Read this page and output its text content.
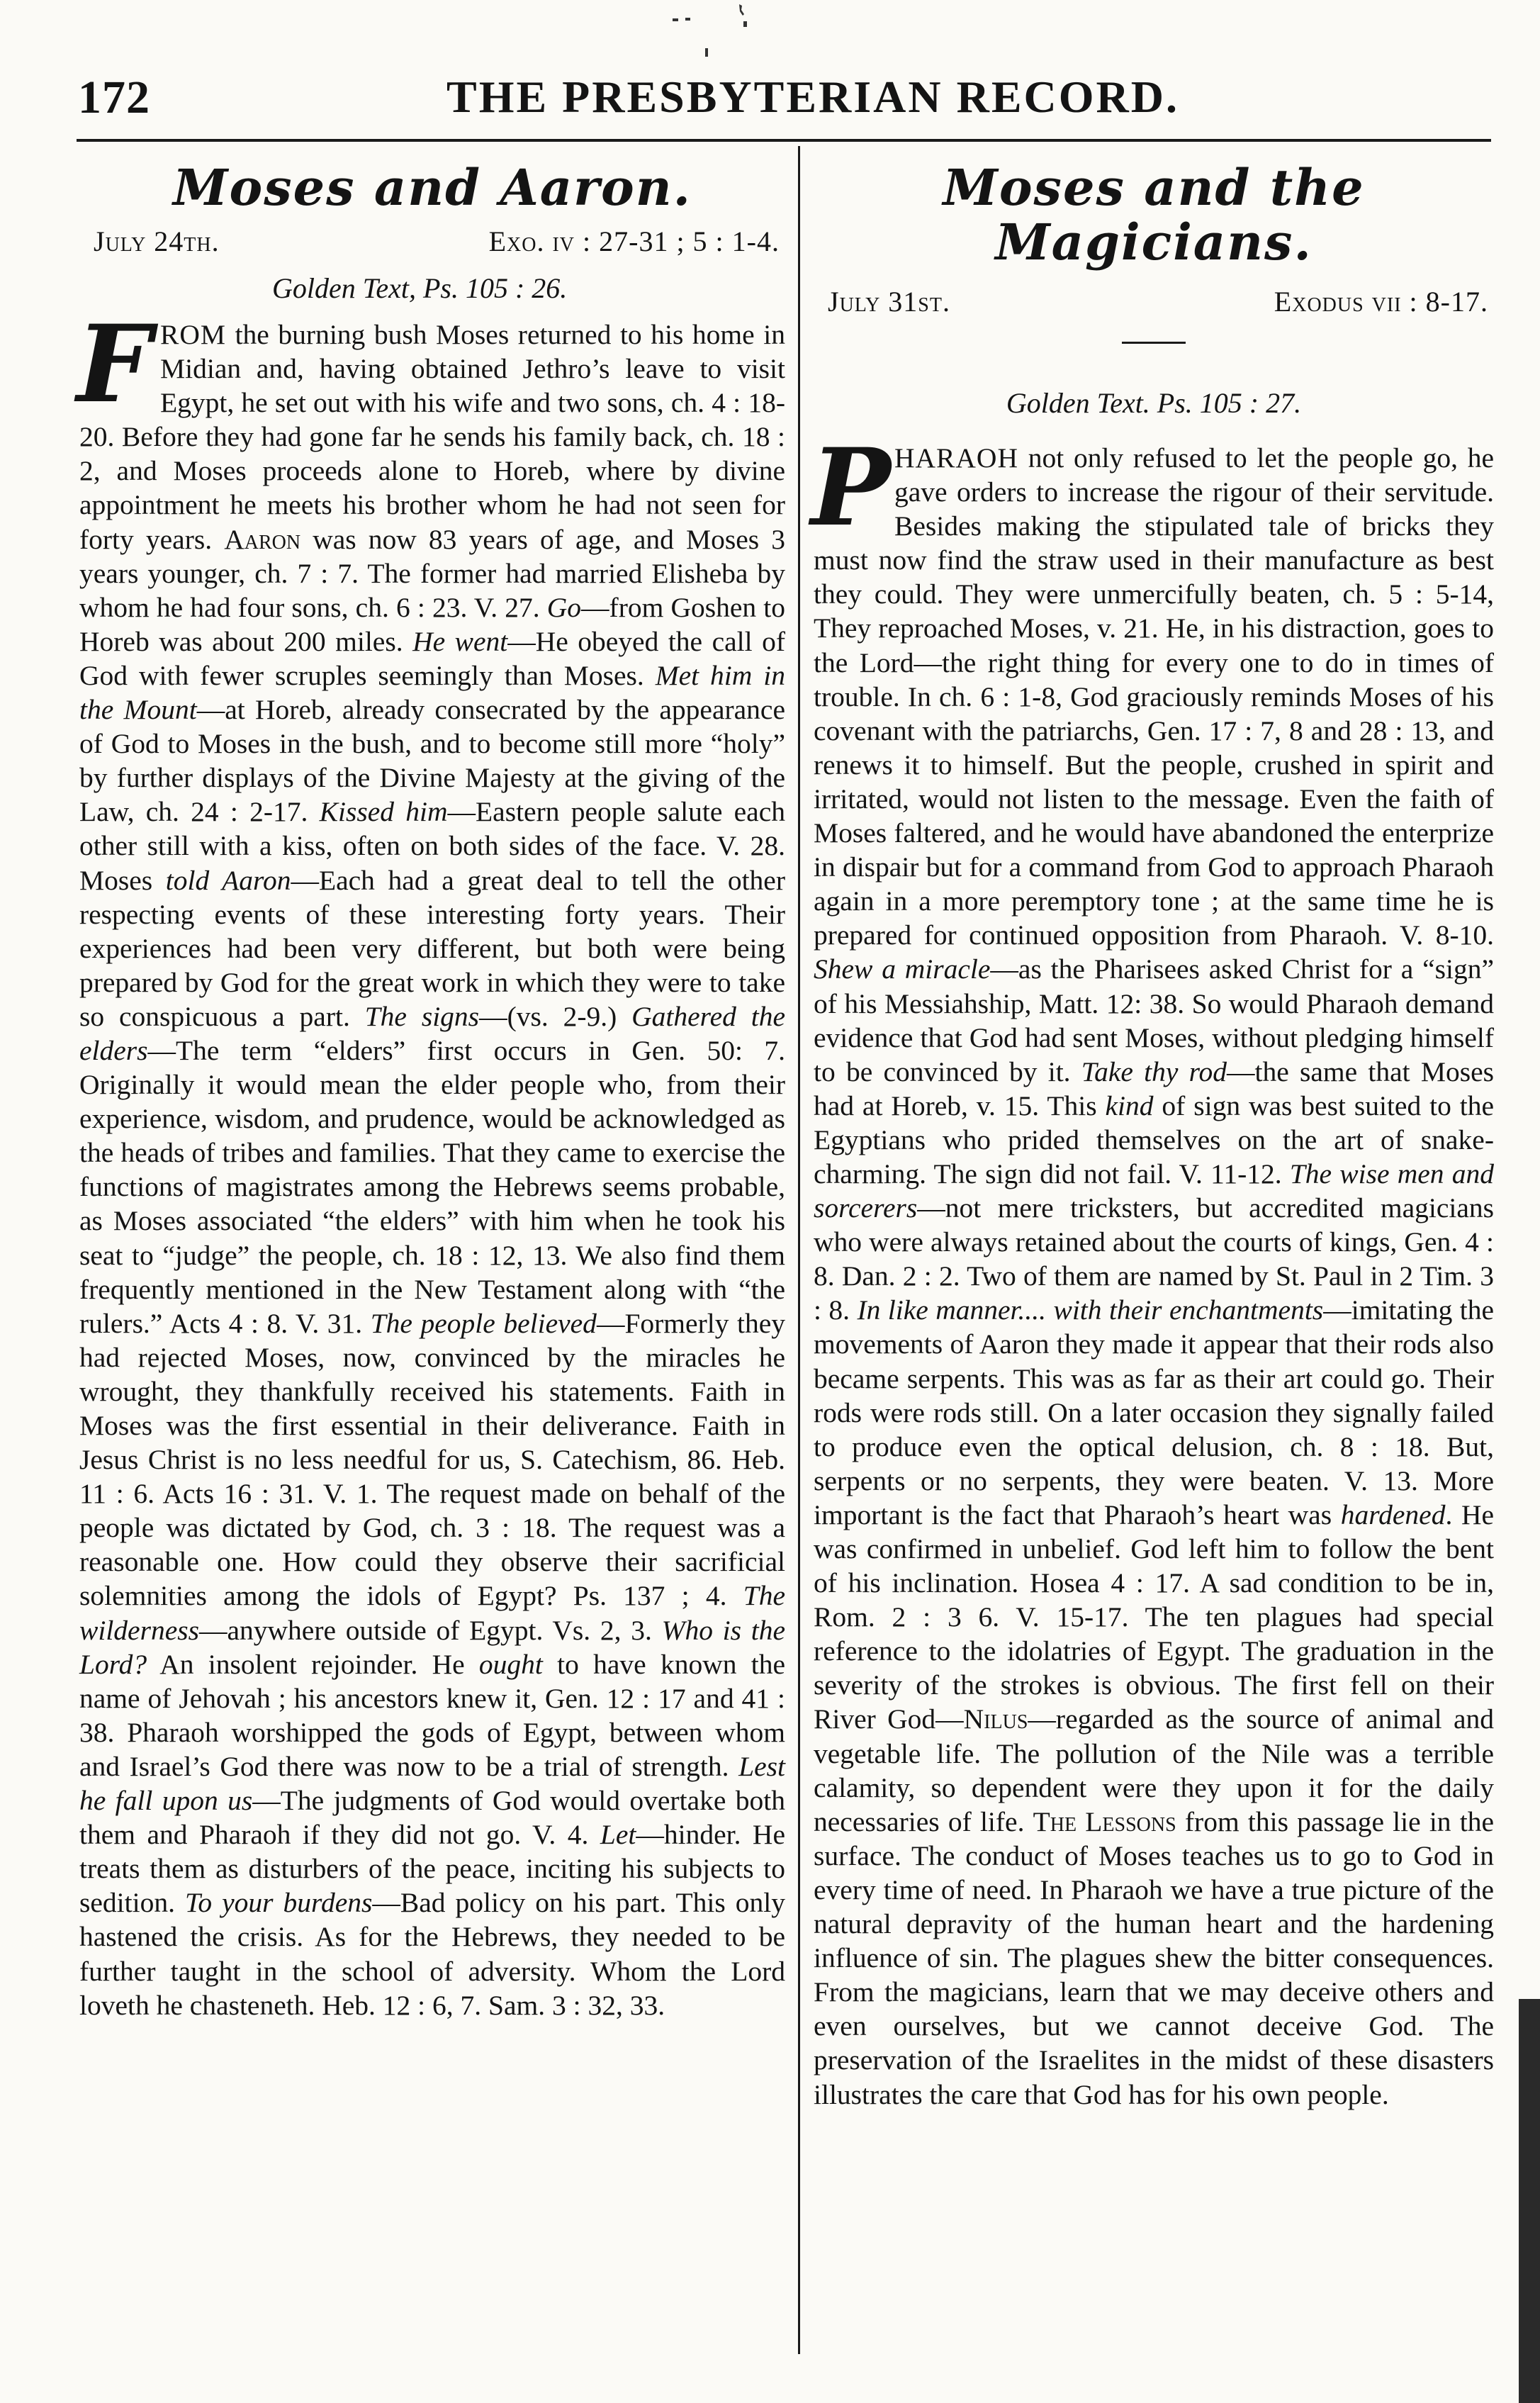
172	THE PRESBYTERIAN RECORD.
Moses and Aaron.
July 24th.	Exo. iv : 27-31 ; 5 : 1-4.
Golden Text, Ps. 105 : 26.
F ROM the burning bush Moses returned to his home in Midian and, having obtained Jethro’s leave to visit Egypt, he set out with his wife and two sons, ch. 4 : 18-20. Before they had gone far he sends his family back, ch. 18 : 2, and Moses proceeds alone to Horeb, where by divine appointment he meets his brother whom he had not seen for forty years. Aaron was now 83 years of age, and Moses 3 years younger, ch. 7 : 7. The former had married Elisheba by whom he had four sons, ch. 6 : 23. V. 27. Go—from Goshen to Horeb was about 200 miles. He went—He obeyed the call of God with fewer scruples seemingly than Moses. Met him in the Mount—at Horeb, already consecrated by the appearance of God to Moses in the bush, and to become still more “holy” by further displays of the Divine Majesty at the giving of the Law, ch. 24 : 2-17. Kissed him—Eastern people salute each other still with a kiss, often on both sides of the face. V. 28. Moses told Aaron—Each had a great deal to tell the other respecting events of these interesting forty years. Their experiences had been very different, but both were being prepared by God for the great work in which they were to take so conspicuous a part. The signs—(vs. 2-9.) Gathered the elders—The term “elders” first occurs in Gen. 50: 7. Originally it would mean the elder people who, from their experience, wisdom, and prudence, would be acknowledged as the heads of tribes and families. That they came to exercise the functions of magistrates among the Hebrews seems probable, as Moses associated “the elders” with him when he took his seat to “judge” the people, ch. 18 : 12, 13. We also find them frequently mentioned in the New Testament along with “the rulers.” Acts 4 : 8. V. 31. The people believed—Formerly they had rejected Moses, now, convinced by the miracles he wrought, they thankfully received his statements. Faith in Moses was the first essential in their deliverance. Faith in Jesus Christ is no less needful for us, S. Catechism, 86. Heb. 11 : 6. Acts 16 : 31. V. 1. The request made on behalf of the people was dictated by God, ch. 3 : 18. The request was a reasonable one. How could they observe their sacrificial solemnities among the idols of Egypt? Ps. 137 ; 4. The wilderness—anywhere outside of Egypt. Vs. 2, 3. Who is the Lord? An insolent rejoinder. He ought to have known the name of Jehovah ; his ancestors knew it, Gen. 12 : 17 and 41 : 38. Pharaoh worshipped the gods of Egypt, between whom and Israel’s God there was now to be a trial of strength. Lest he fall upon us—The judgments of God would overtake both them and Pharaoh if they did not go. V. 4. Let—hinder. He treats them as disturbers of the peace, inciting his subjects to sedition. To your burdens—Bad policy on his part. This only hastened the crisis. As for the Hebrews, they needed to be further taught in the school of adversity. Whom the Lord loveth he chasteneth. Heb. 12 : 6, 7. Sam. 3 : 32, 33.
Moses and the Magicians.
July 31st.	Exodus vii : 8-17.
Golden Text. Ps. 105 : 27.
P HARAOH not only refused to let the people go, he gave orders to increase the rigour of their servitude. Besides making the stipulated tale of bricks they must now find the straw used in their manufacture as best they could. They were unmercifully beaten, ch. 5 : 5-14, They reproached Moses, v. 21. He, in his distraction, goes to the Lord—the right thing for every one to do in times of trouble. In ch. 6 : 1-8, God graciously reminds Moses of his covenant with the patriarchs, Gen. 17 : 7, 8 and 28 : 13, and renews it to himself. But the people, crushed in spirit and irritated, would not listen to the message. Even the faith of Moses faltered, and he would have abandoned the enterprize in dispair but for a command from God to approach Pharaoh again in a more peremptory tone ; at the same time he is prepared for continued opposition from Pharaoh. V. 8-10. Shew a miracle—as the Pharisees asked Christ for a “sign” of his Messiahship, Matt. 12: 38. So would Pharaoh demand evidence that God had sent Moses, without pledging himself to be convinced by it. Take thy rod—the same that Moses had at Horeb, v. 15. This kind of sign was best suited to the Egyptians who prided themselves on the art of snake-charming. The sign did not fail. V. 11-12. The wise men and sorcerers—not mere tricksters, but accredited magicians who were always retained about the courts of kings, Gen. 4 : 8. Dan. 2 : 2. Two of them are named by St. Paul in 2 Tim. 3 : 8. In like manner.... with their enchantments—imitating the movements of Aaron they made it appear that their rods also became serpents. This was as far as their art could go. Their rods were rods still. On a later occasion they signally failed to produce even the optical delusion, ch. 8 : 18. But, serpents or no serpents, they were beaten. V. 13. More important is the fact that Pharaoh’s heart was hardened. He was confirmed in unbelief. God left him to follow the bent of his inclination. Hosea 4 : 17. A sad condition to be in, Rom. 2 : 3 6. V. 15-17. The ten plagues had special reference to the idolatries of Egypt. The graduation in the severity of the strokes is obvious. The first fell on their River God—Nilus—regarded as the source of animal and vegetable life. The pollution of the Nile was a terrible calamity, so dependent were they upon it for the daily necessaries of life. The Lessons from this passage lie in the surface. The conduct of Moses teaches us to go to God in every time of need. In Pharaoh we have a true picture of the natural depravity of the human heart and the hardening influence of sin. The plagues shew the bitter consequences. From the magicians, learn that we may deceive others and even ourselves, but we cannot deceive God. The preservation of the Israelites in the midst of these disasters illustrates the care that God has for his own people.
